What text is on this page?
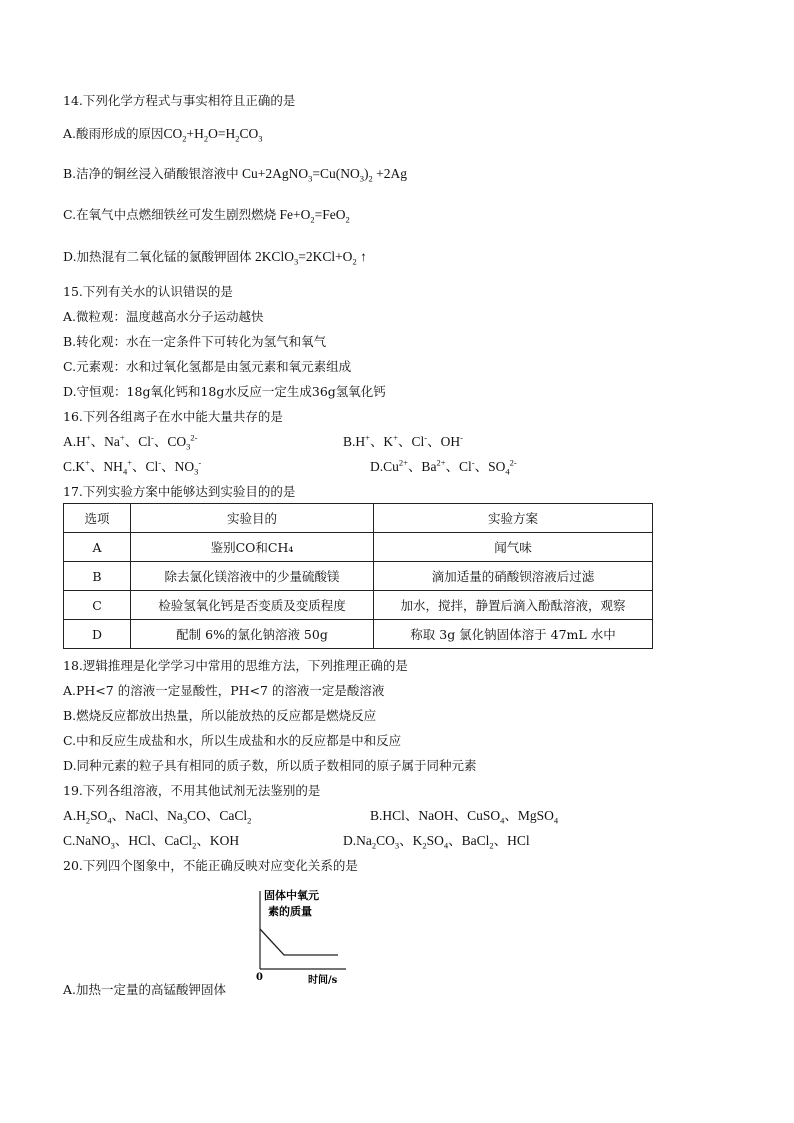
14.下列化学方程式与事实相符且正确的是
A.酸雨形成的原因$CO_2+H_2O=H_2CO_3$
B.洁净的铜丝浸入硝酸银溶液中 $Cu+2AgNO_3=Cu(NO_3)_2 +2Ag$
C.在氧气中点燃细铁丝可发生剧烈燃烧 $Fe+O_2=FeO_2$
D.加热混有二氧化锰的氯酸钾固体 $2KClO_3=2KCl+O_2$ ↑
15.下列有关水的认识错误的是
A.微粒观：温度越高水分子运动越快
B.转化观：水在一定条件下可转化为氢气和氧气
C.元素观：水和过氧化氢都是由氢元素和氧元素组成
D.守恒观：18g氧化钙和18g水反应一定生成36g氢氧化钙
16.下列各组离子在水中能大量共存的是
A.H+、Na+、Cl-、$CO_3^{2-}$	B.H+、K+、Cl-、OH-
C.K+、$NH_4^+$、Cl-、$NO_3^-$	$D.Cu^{2+}$、$Ba^{2+}$、Cl-、$SO_4^{2-}$
17.下列实验方案中能够达到实验目的的是
选项	实验目的	实验方案
A	鉴别CO和CH₄	闻气味
B	除去氯化镁溶液中的少量硫酸镁	滴加适量的硝酸钡溶液后过滤
C	检验氢氧化钙是否变质及变质程度	加水，搅拌，静置后滴入酚酞溶液，观察
D	配制 6%的氯化钠溶液 50g	称取 3g 氯化钠固体溶于 47mL 水中
18.逻辑推理是化学学习中常用的思维方法，下列推理正确的是
A.PH<7 的溶液一定显酸性，PH<7 的溶液一定是酸溶液
B.燃烧反应都放出热量，所以能放热的反应都是燃烧反应
C.中和反应生成盐和水，所以生成盐和水的反应都是中和反应
D.同种元素的粒子具有相同的质子数，所以质子数相同的原子属于同种元素
19.下列各组溶液，不用其他试剂无法鉴别的是
$A.H_2SO_4$、NaCl、$Na_3CO$、CaCl$_2$	B.HCl、NaOH、CuSO$_4$、MgSO$_4$
C.NaNO$_3$、HCl、CaCl$_2$、KOH	$D.Na_2CO_3$、$K_2SO_4$、BaCl$_2$、HCl
20.下列四个图象中，不能正确反映对应变化关系的是
固体中氧元
素的质量
0	时间/s
A.加热一定量的高锰酸钾固体
